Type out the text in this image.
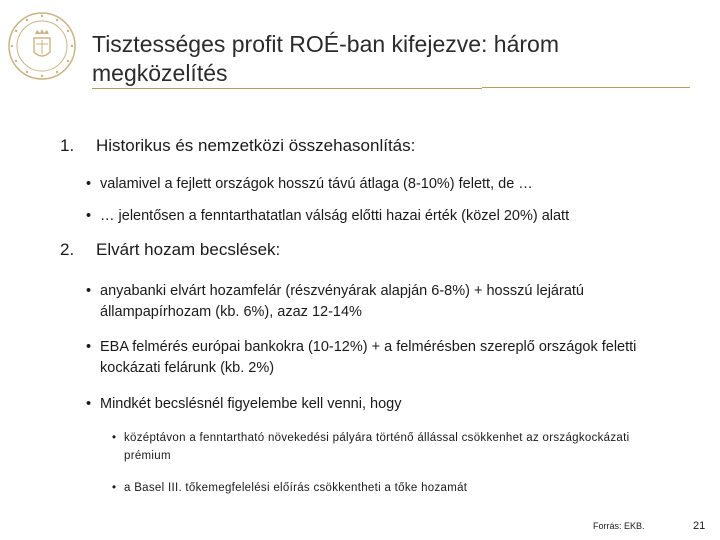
Tisztességes profit ROÉ-ban kifejezve: három megközelítés
1. Historikus és nemzetközi összehasonlítás:
• valamivel a fejlett országok hosszú távú átlaga (8-10%) felett, de …
• … jelentősen a fenntarthatatlan válság előtti hazai érték (közel 20%) alatt
2. Elvárt hozam becslések:
• anyabanki elvárt hozamfelár (részvényárak alapján 6-8%) + hosszú lejáratú állampapírhozam (kb. 6%), azaz 12-14%
• EBA felmérés európai bankokra (10-12%) + a felmérésben szereplő országok feletti kockázati felárunk (kb. 2%)
• Mindkét becslésnél figyelembe kell venni, hogy
• középtávon a fenntartható növekedési pályára történő állással csökkenhet az országkockázati prémium
• a Basel III. tőkemegfelelési előírás csökkentheti a tőke hozamát
Forrás: EKB.	21
